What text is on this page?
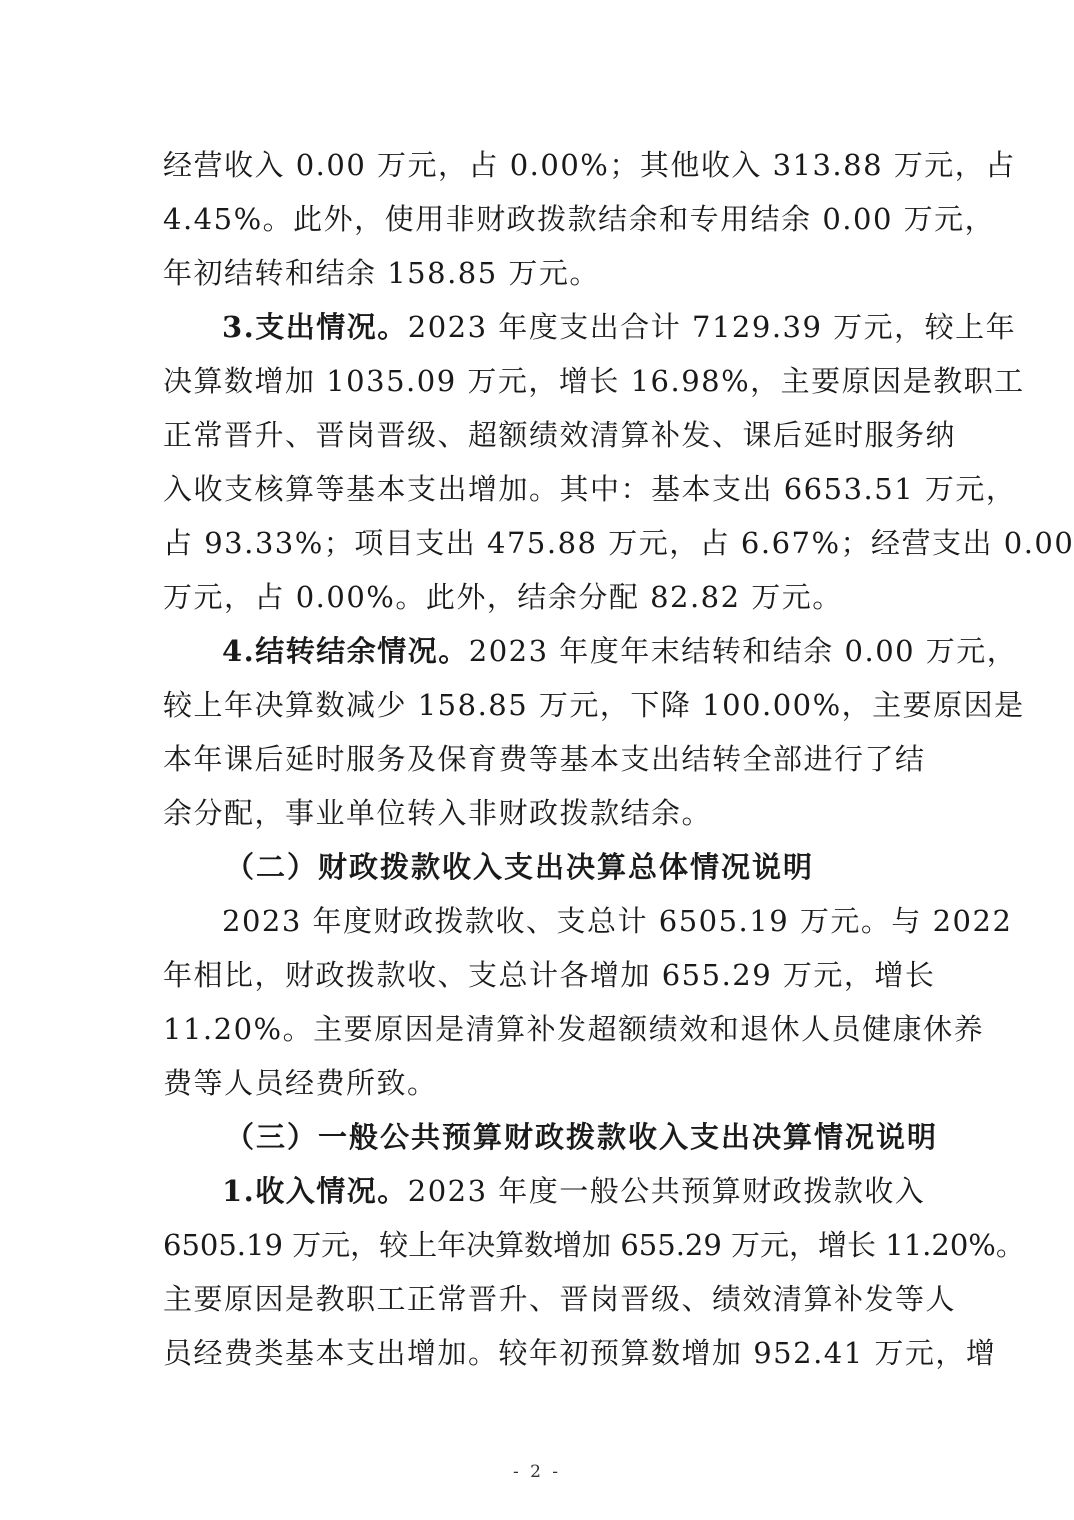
经营收入 0.00 万元，占 0.00%；其他收入 313.88 万元，占
4.45%。此外，使用非财政拨款结余和专用结余 0.00 万元，
年初结转和结余 158.85 万元。
3.支出情况。2023 年度支出合计 7129.39 万元，较上年
决算数增加 1035.09 万元，增长 16.98%，主要原因是教职工
正常晋升、晋岗晋级、超额绩效清算补发、课后延时服务纳
入收支核算等基本支出增加。其中：基本支出 6653.51 万元，
占 93.33%；项目支出 475.88 万元，占 6.67%；经营支出 0.00
万元，占 0.00%。此外，结余分配 82.82 万元。
4.结转结余情况。2023 年度年末结转和结余 0.00 万元，
较上年决算数减少 158.85 万元，下降 100.00%，主要原因是
本年课后延时服务及保育费等基本支出结转全部进行了结
余分配，事业单位转入非财政拨款结余。
（二）财政拨款收入支出决算总体情况说明
2023 年度财政拨款收、支总计 6505.19 万元。与 2022
年相比，财政拨款收、支总计各增加 655.29 万元，增长
11.20%。主要原因是清算补发超额绩效和退休人员健康休养
费等人员经费所致。
（三）一般公共预算财政拨款收入支出决算情况说明
1.收入情况。2023 年度一般公共预算财政拨款收入
6505.19 万元，较上年决算数增加 655.29 万元，增长 11.20%。
主要原因是教职工正常晋升、晋岗晋级、绩效清算补发等人
员经费类基本支出增加。较年初预算数增加 952.41 万元，增
- 2 -
